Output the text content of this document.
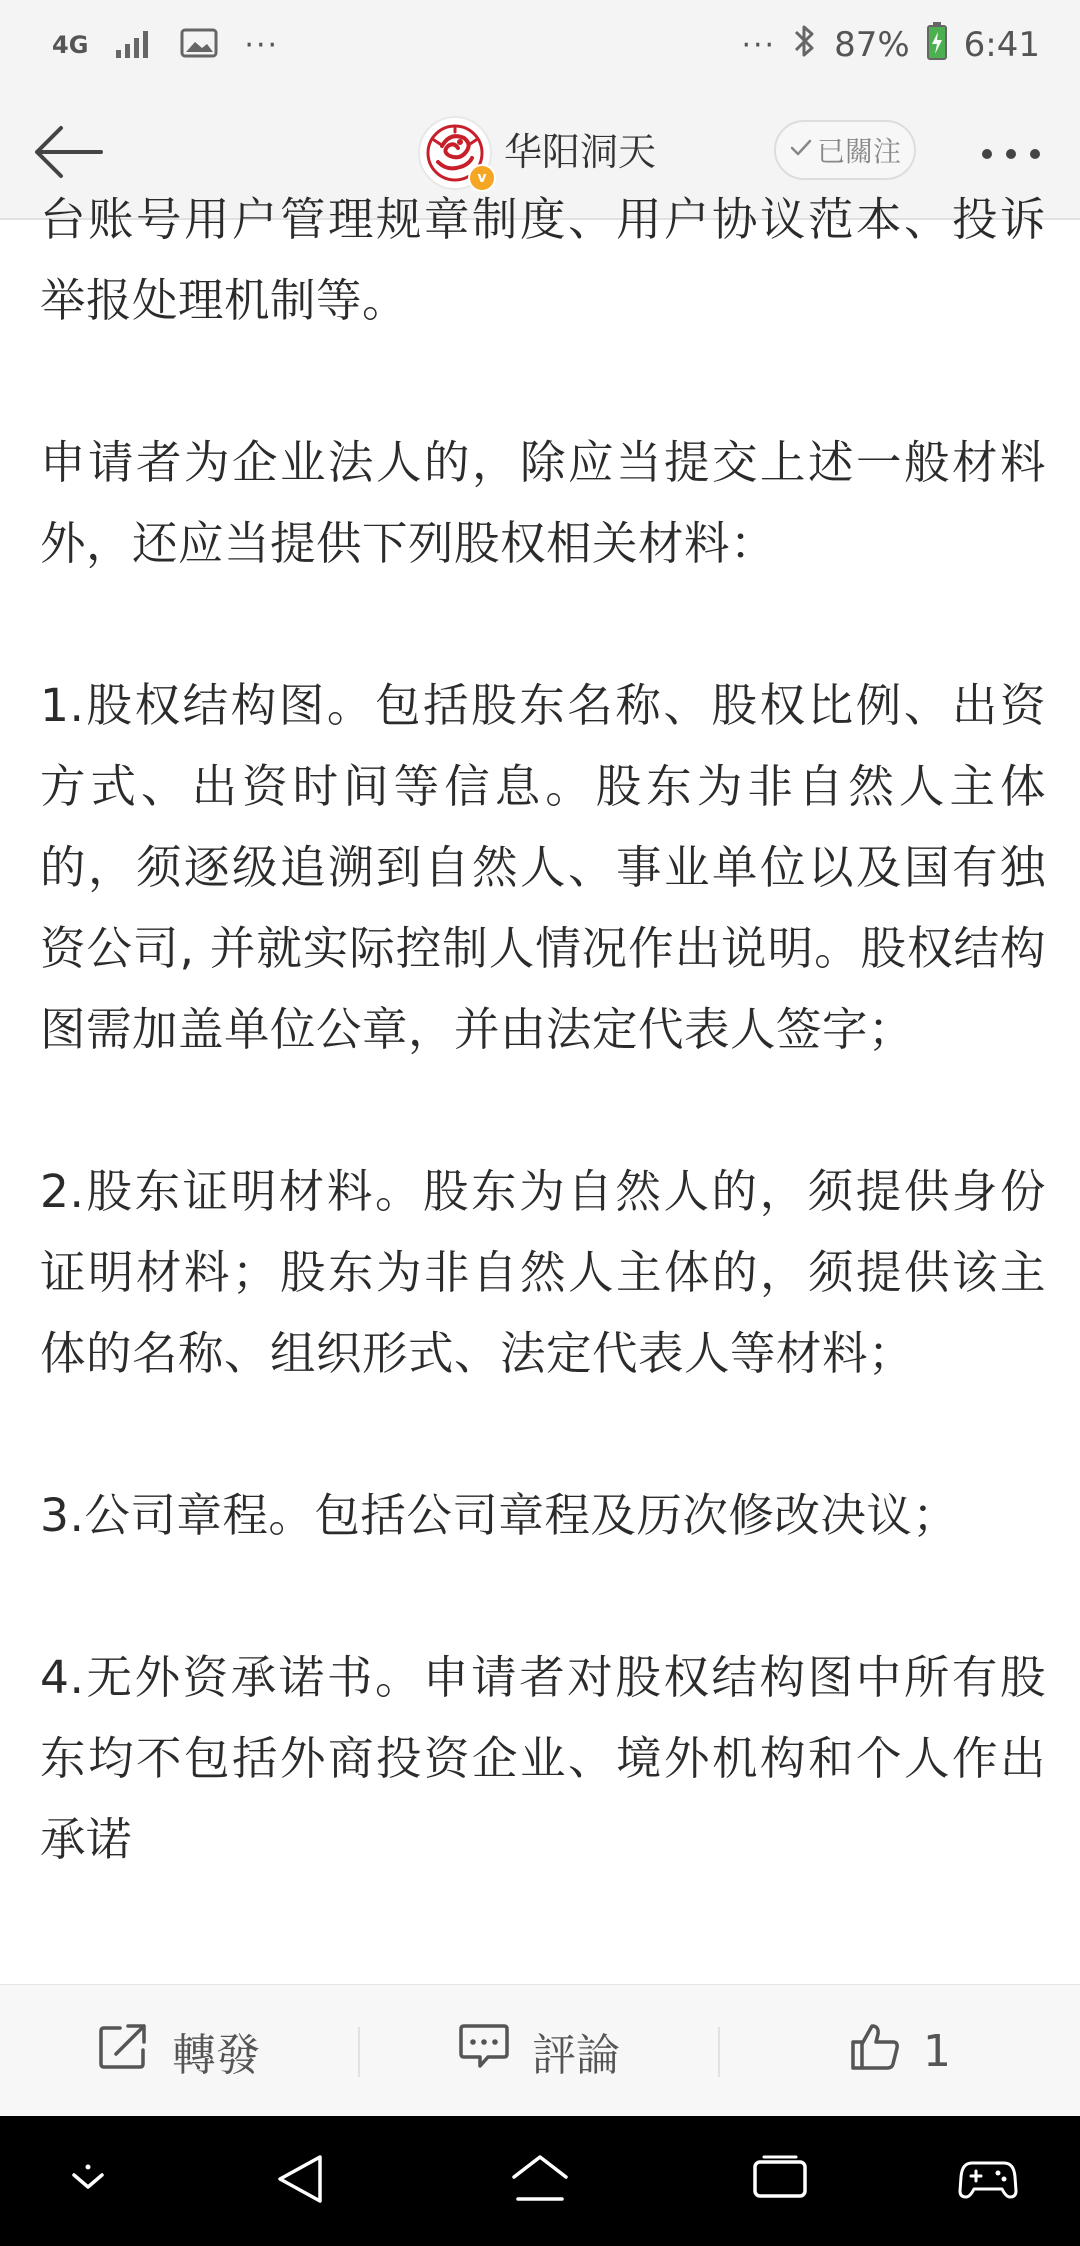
4G	···	··· 87% 6:41
v
华阳洞天	已關注

台账号用户管理规章制度、用户协议范本、投诉举报处理机制等。

申请者为企业法人的，除应当提交上述一般材料外，还应当提供下列股权相关材料：

1.股权结构图。包括股东名称、股权比例、出资方式、出资时间等信息。股东为非自然人主体的，须逐级追溯到自然人、事业单位以及国有独资公司, 并就实际控制人情况作出说明。股权结构图需加盖单位公章，并由法定代表人签字；

2.股东证明材料。股东为自然人的，须提供身份证明材料；股东为非自然人主体的，须提供该主体的名称、组织形式、法定代表人等材料；

3.公司章程。包括公司章程及历次修改决议；

4.无外资承诺书。申请者对股权结构图中所有股东均不包括外商投资企业、境外机构和个人作出承诺

轉發	評論	1
